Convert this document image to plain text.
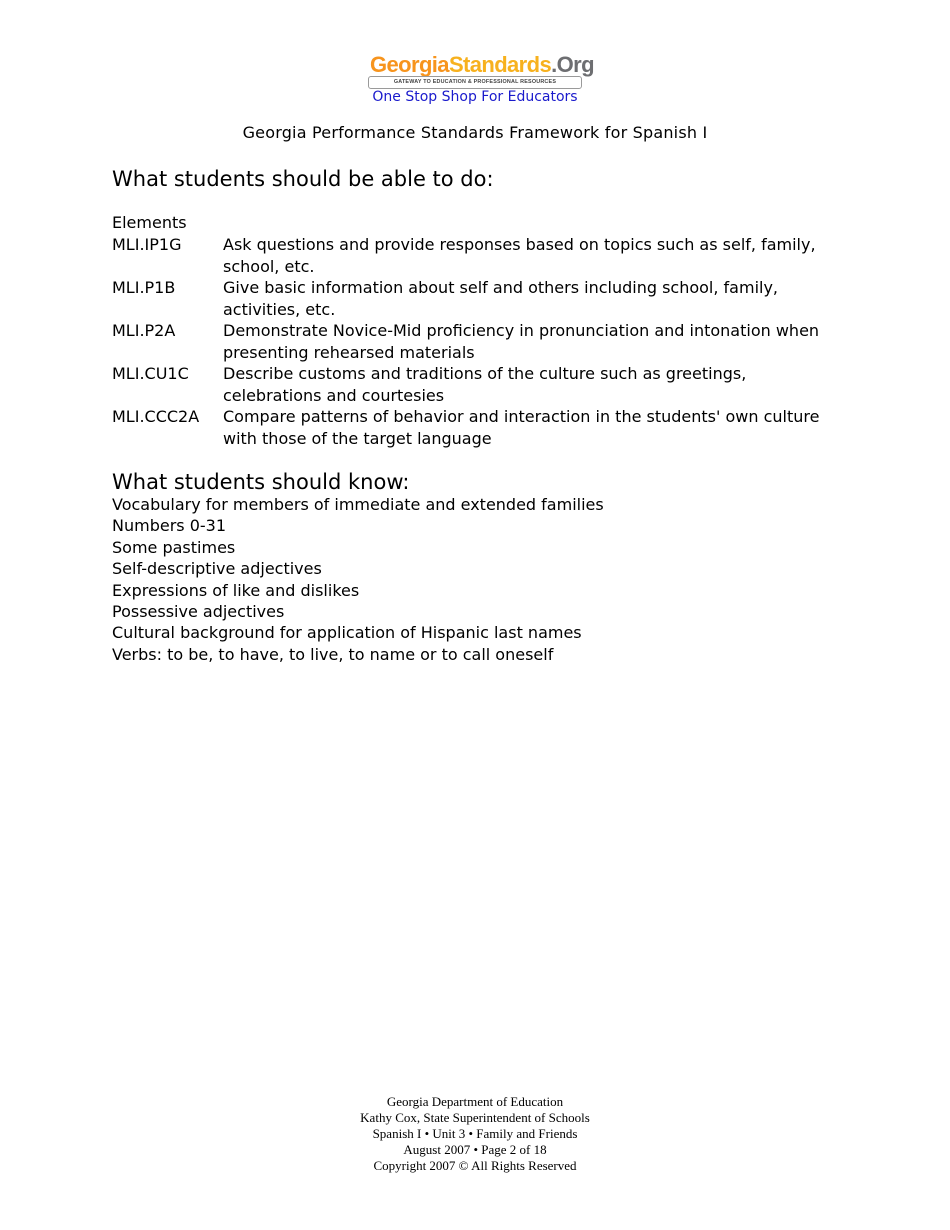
GeorgiaStandards.Org
GATEWAY TO EDUCATION & PROFESSIONAL RESOURCES
One Stop Shop For Educators
Georgia Performance Standards Framework for Spanish I
What students should be able to do:
Elements
MLI.IP1G	Ask questions and provide responses based on topics such as self, family, school, etc.
MLI.P1B	Give basic information about self and others including school, family, activities, etc.
MLI.P2A	Demonstrate Novice-Mid proficiency in pronunciation and intonation when presenting rehearsed materials
MLI.CU1C	Describe customs and traditions of the culture such as greetings, celebrations and courtesies
MLI.CCC2A	Compare patterns of behavior and interaction in the students' own culture with those of the target language
What students should know:
Vocabulary for members of immediate and extended families
Numbers 0-31
Some pastimes
Self-descriptive adjectives
Expressions of like and dislikes
Possessive adjectives
Cultural background for application of Hispanic last names
Verbs: to be, to have, to live, to name or to call oneself
Georgia Department of Education
Kathy Cox, State Superintendent of Schools
Spanish I • Unit 3 • Family and Friends
August 2007 • Page 2 of 18
Copyright 2007 © All Rights Reserved
